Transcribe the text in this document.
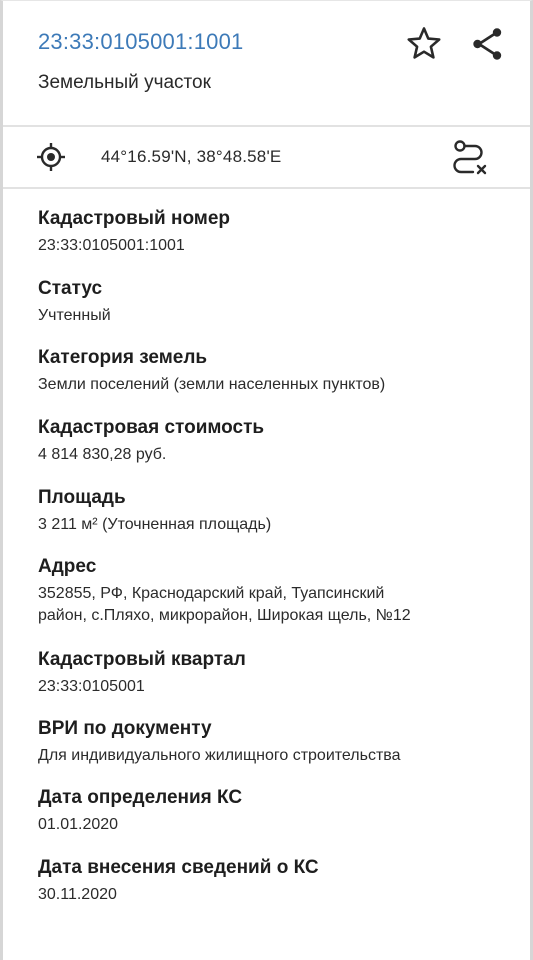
23:33:0105001:1001
Земельный участок
44°16.59'N, 38°48.58'E
Кадастровый номер
23:33:0105001:1001
Статус
Учтенный
Категория земель
Земли поселений (земли населенных пунктов)
Кадастровая стоимость
4 814 830,28 руб.
Площадь
3 211 м² (Уточненная площадь)
Адрес
352855, РФ, Краснодарский край, Туапсинский
район, с.Пляхо, микрорайон, Широкая щель, №12
Кадастровый квартал
23:33:0105001
ВРИ по документу
Для индивидуального жилищного строительства
Дата определения КС
01.01.2020
Дата внесения сведений о КС
30.11.2020
